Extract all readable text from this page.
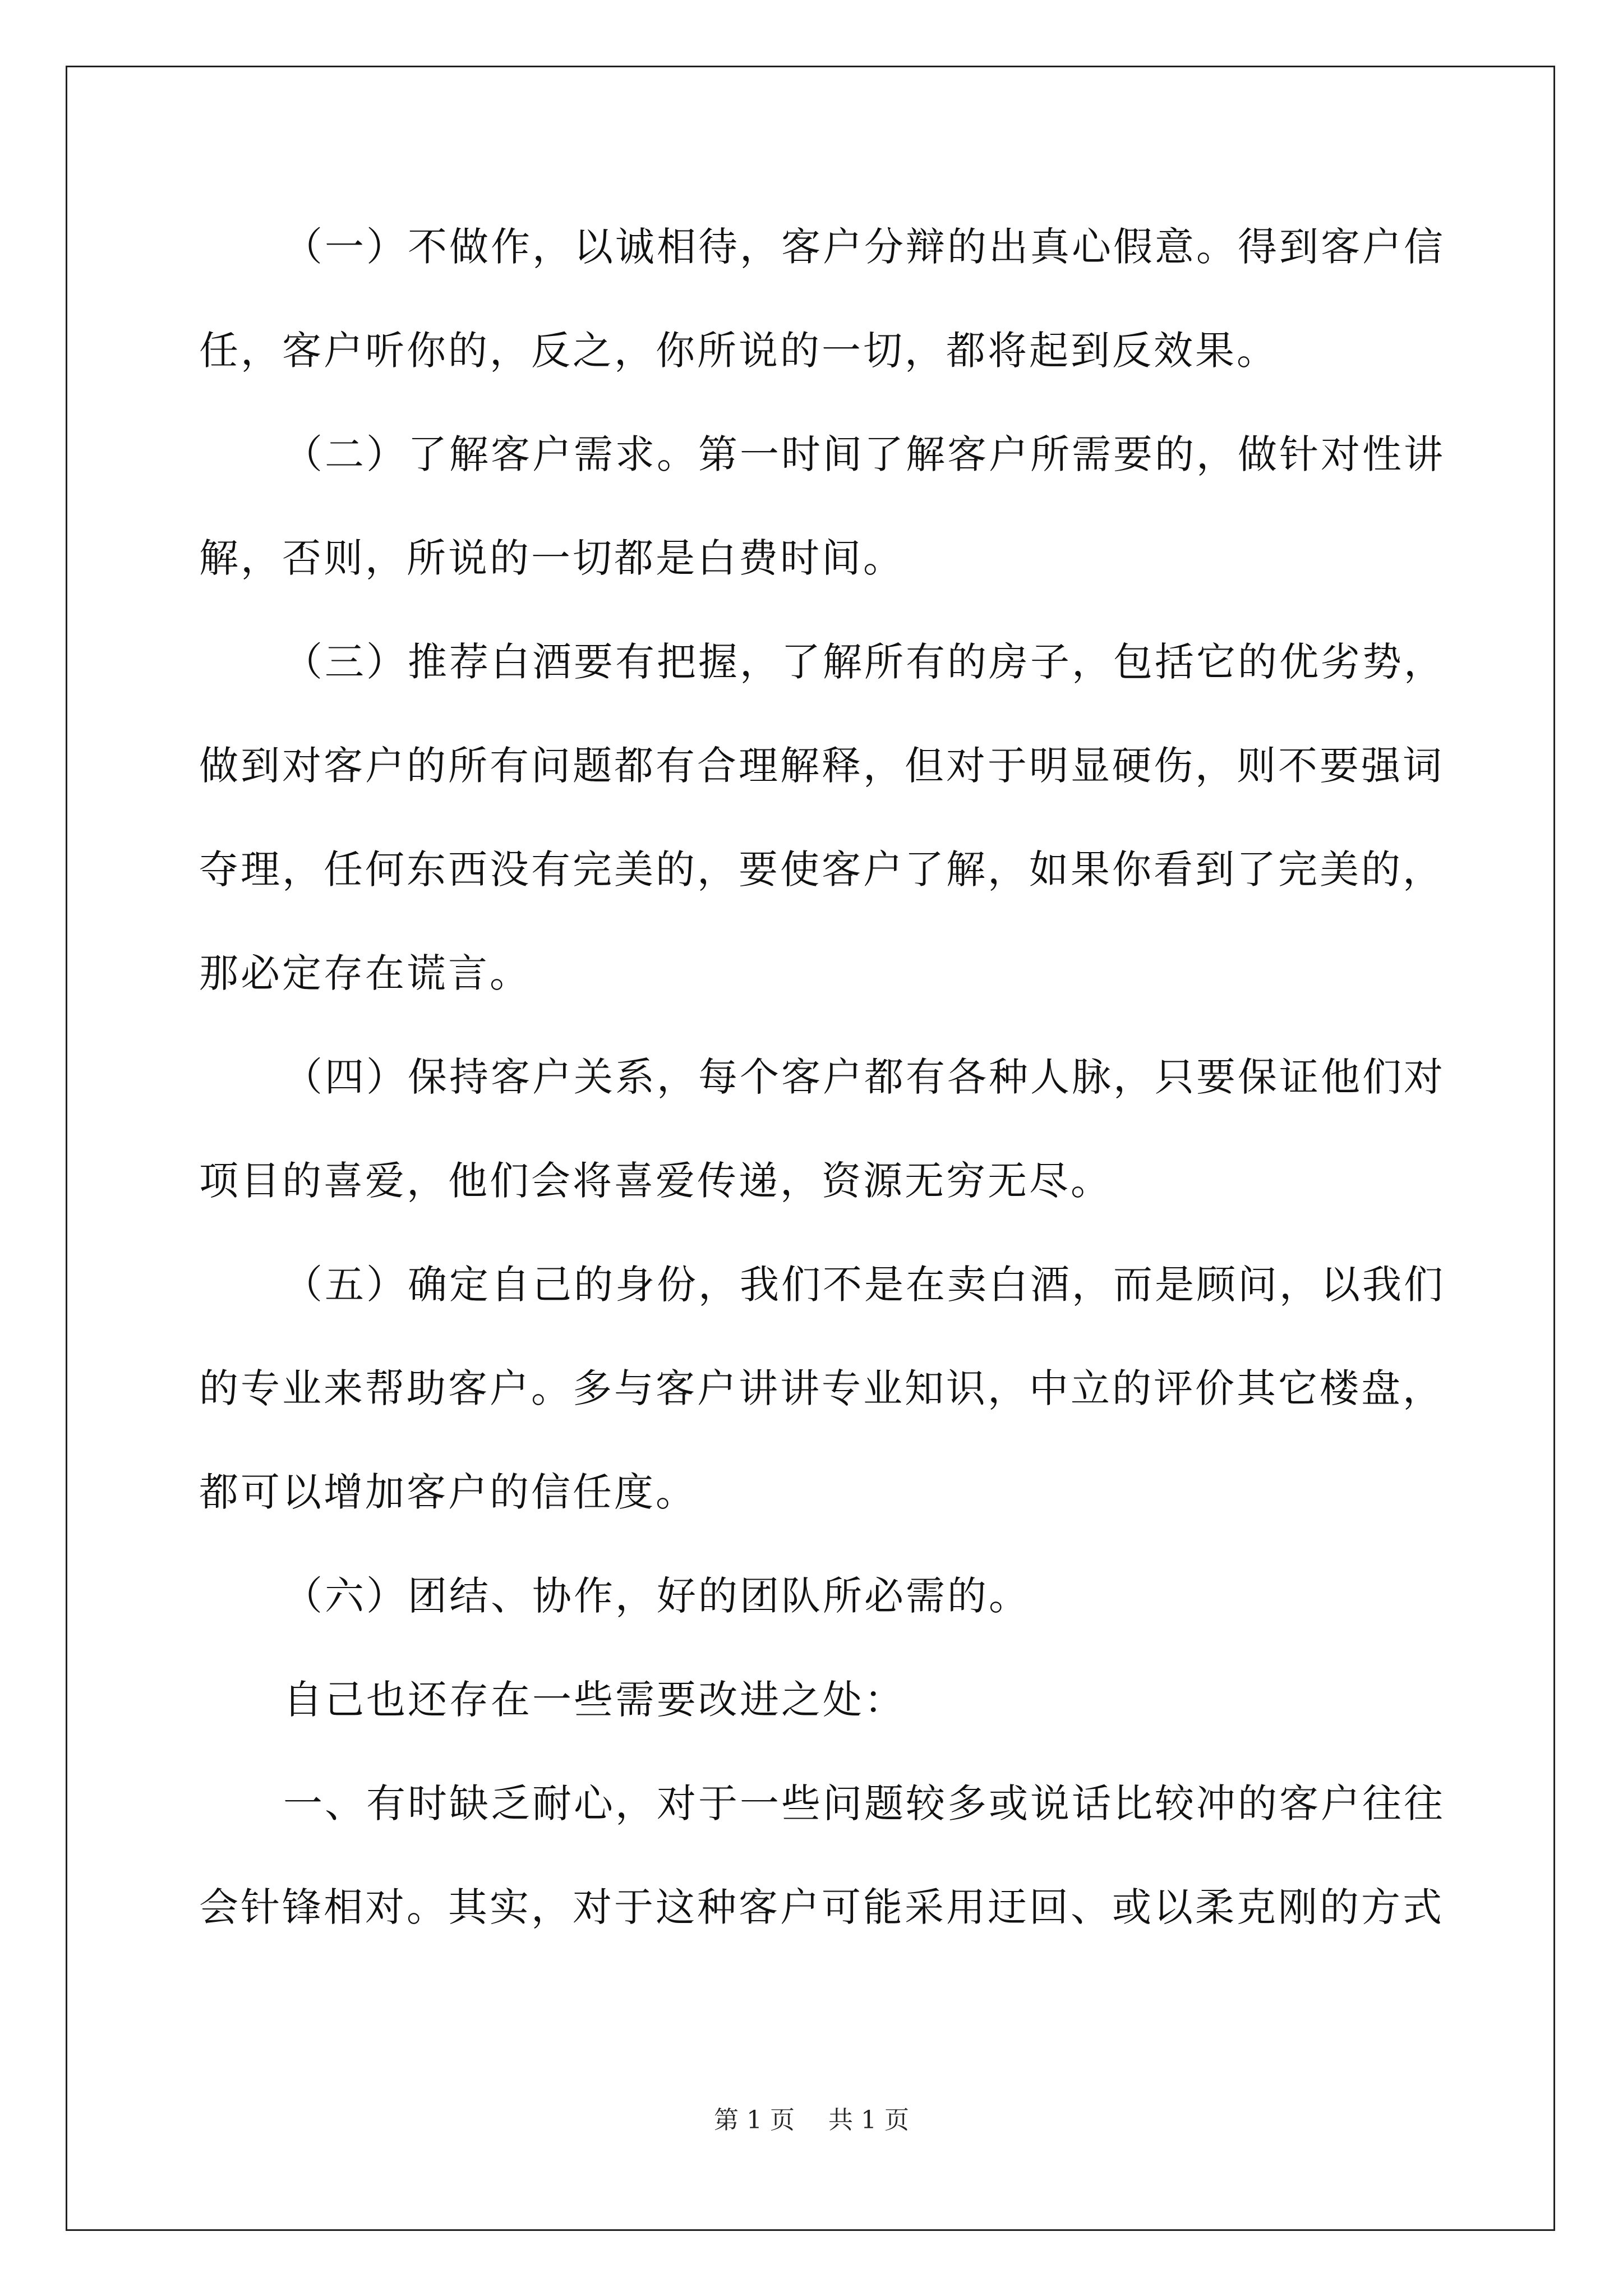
（一）不做作，以诚相待，客户分辩的出真心假意。得到客户信
任，客户听你的，反之，你所说的一切，都将起到反效果。
（二）了解客户需求。第一时间了解客户所需要的，做针对性讲
解，否则，所说的一切都是白费时间。
（三）推荐白酒要有把握，了解所有的房子，包括它的优劣势，
做到对客户的所有问题都有合理解释，但对于明显硬伤，则不要强词
夺理，任何东西没有完美的，要使客户了解，如果你看到了完美的，
那必定存在谎言。
（四）保持客户关系，每个客户都有各种人脉，只要保证他们对
项目的喜爱，他们会将喜爱传递，资源无穷无尽。
（五）确定自己的身份，我们不是在卖白酒，而是顾问，以我们
的专业来帮助客户。多与客户讲讲专业知识，中立的评价其它楼盘，
都可以增加客户的信任度。
（六）团结、协作，好的团队所必需的。
自己也还存在一些需要改进之处：
一、有时缺乏耐心，对于一些问题较多或说话比较冲的客户往往
会针锋相对。其实，对于这种客户可能采用迂回、或以柔克刚的方式
第 1 页 共 1 页
